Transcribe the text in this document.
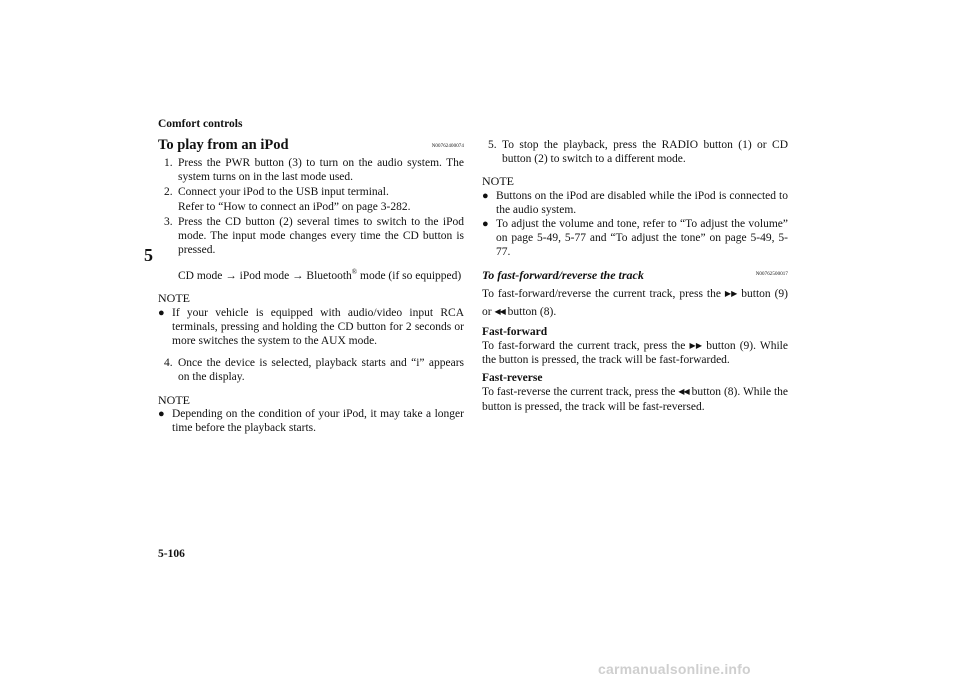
Comfort controls
5
5-106
carmanualsonline.info
To play from an iPod	N00762400074
1. Press the PWR button (3) to turn on the audio system. The system turns on in the last mode used.
2. Connect your iPod to the USB input terminal.
Refer to “How to connect an iPod” on page 3-282.
3. Press the CD button (2) several times to switch to the iPod mode. The input mode changes every time the CD button is pressed.
CD mode → iPod mode → Bluetooth® mode (if so equipped)
NOTE
● If your vehicle is equipped with audio/video input RCA terminals, pressing and holding the CD button for 2 seconds or more switches the system to the AUX mode.
4. Once the device is selected, playback starts and “i” appears on the display.
NOTE
● Depending on the condition of your iPod, it may take a longer time before the playback starts.
5. To stop the playback, press the RADIO button (1) or CD button (2) to switch to a different mode.
NOTE
● Buttons on the iPod are disabled while the iPod is connected to the audio system.
● To adjust the volume and tone, refer to “To adjust the volume” on page 5-49, 5-77 and “To adjust the tone” on page 5-49, 5-77.
To fast-forward/reverse the track	N00762500017
To fast-forward/reverse the current track, press the ▶▶ button (9) or ◀◀ button (8).
Fast-forward
To fast-forward the current track, press the ▶▶ button (9). While the button is pressed, the track will be fast-forwarded.
Fast-reverse
To fast-reverse the current track, press the ◀◀ button (8). While the button is pressed, the track will be fast-reversed.
